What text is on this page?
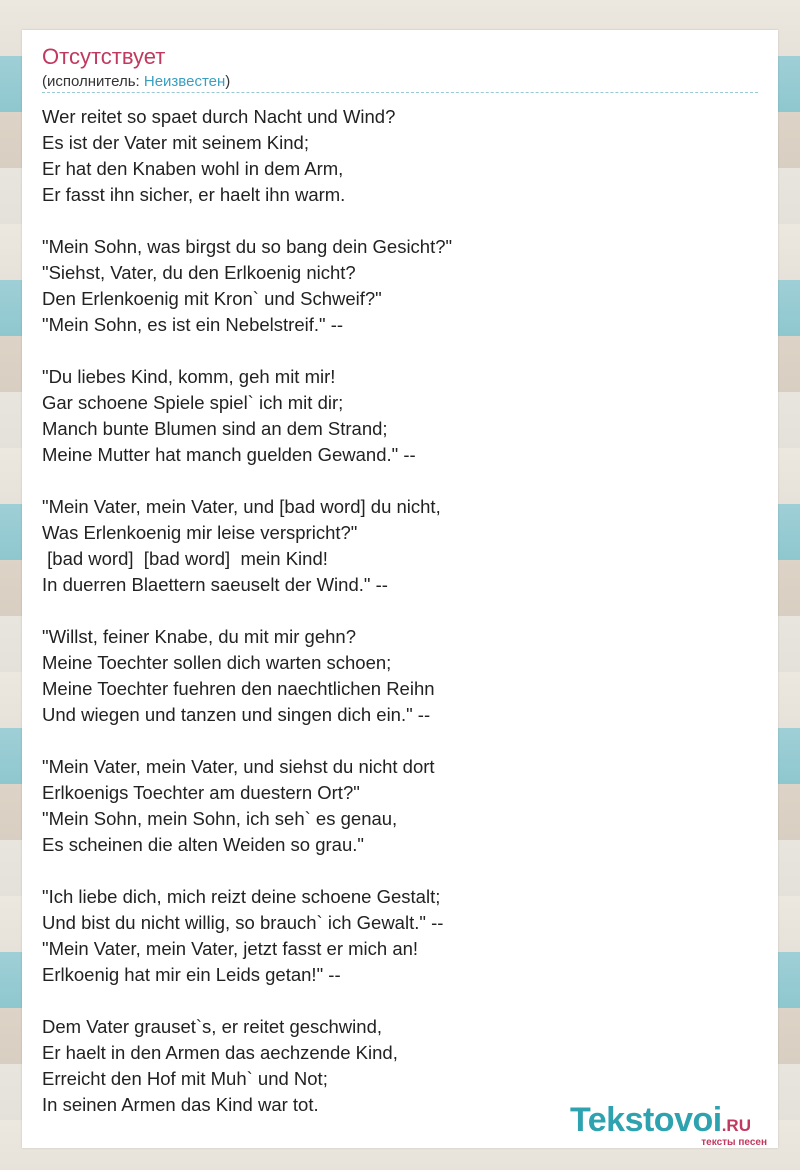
Отсутствует
(исполнитель: Неизвестен)
Wer reitet so spaet durch Nacht und Wind?
Es ist der Vater mit seinem Kind;
Er hat den Knaben wohl in dem Arm,
Er fasst ihn sicher, er haelt ihn warm.
"Mein Sohn, was birgst du so bang dein Gesicht?"
"Siehst, Vater, du den Erlkoenig nicht?
Den Erlenkoenig mit Kron` und Schweif?"
"Mein Sohn, es ist ein Nebelstreif." --
"Du liebes Kind, komm, geh mit mir!
Gar schoene Spiele spiel` ich mit dir;
Manch bunte Blumen sind an dem Strand;
Meine Mutter hat manch guelden Gewand." --
"Mein Vater, mein Vater, und [bad word] du nicht,
Was Erlenkoenig mir leise verspricht?"
[bad word]  [bad word]  mein Kind!
In duerren Blaettern saeuselt der Wind." --
"Willst, feiner Knabe, du mit mir gehn?
Meine Toechter sollen dich warten schoen;
Meine Toechter fuehren den naechtlichen Reihn
Und wiegen und tanzen und singen dich ein." --
"Mein Vater, mein Vater, und siehst du nicht dort
Erlkoenigs Toechter am duestern Ort?"
"Mein Sohn, mein Sohn, ich seh` es genau,
Es scheinen die alten Weiden so grau."
"Ich liebe dich, mich reizt deine schoene Gestalt;
Und bist du nicht willig, so brauch` ich Gewalt." --
"Mein Vater, mein Vater, jetzt fasst er mich an!
Erlkoenig hat mir ein Leids getan!" --
Dem Vater grauset`s, er reitet geschwind,
Er haelt in den Armen das aechzende Kind,
Erreicht den Hof mit Muh` und Not;
In seinen Armen das Kind war tot.	Tekstovoi.RU
тексты песен
